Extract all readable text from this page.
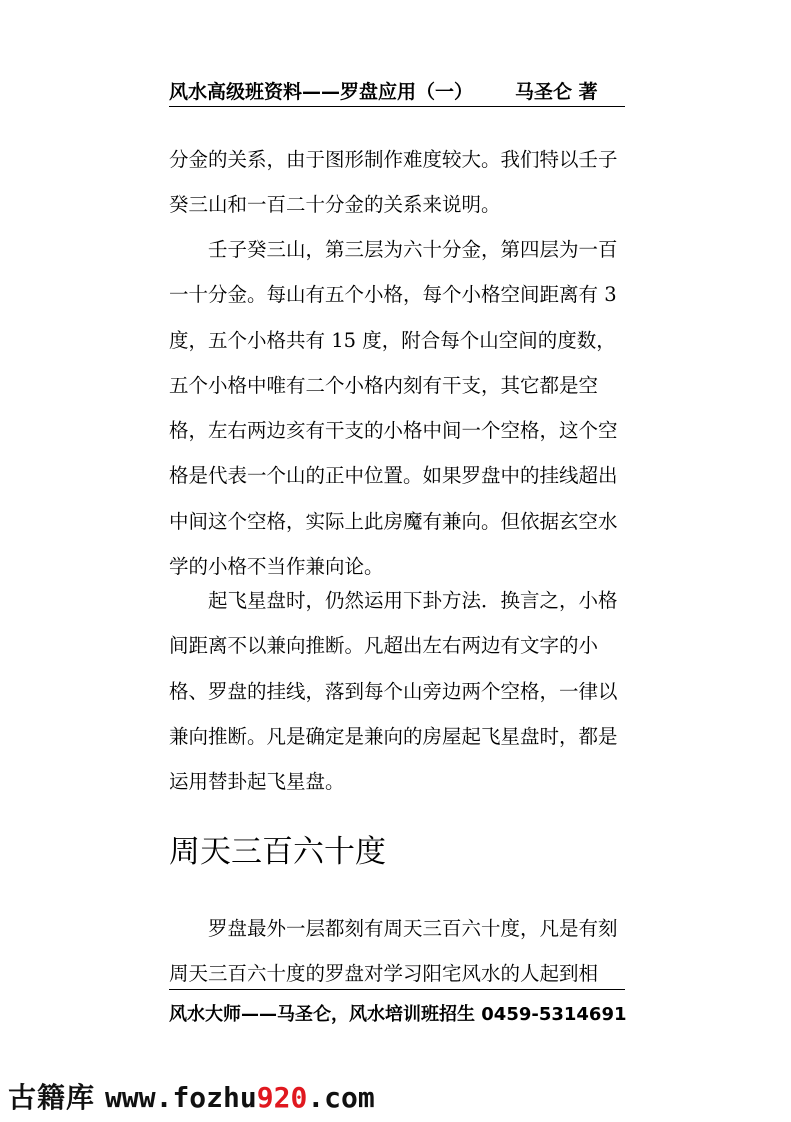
风水高级班资料——罗盘应用（一） 马圣仑 著
分金的关系，由于图形制作难度较大。我们特以壬子
癸三山和一百二十分金的关系来说明。
壬子癸三山，第三层为六十分金，第四层为一百
一十分金。每山有五个小格，每个小格空间距离有 3
度，五个小格共有 15 度，附合每个山空间的度数，
五个小格中唯有二个小格内刻有干支，其它都是空
格，左右两边亥有干支的小格中间一个空格，这个空
格是代表一个山的正中位置。如果罗盘中的挂线超出
中间这个空格，实际上此房魔有兼向。但依据玄空水
学的小格不当作兼向论。
起飞星盘时，仍然运用下卦方法．换言之，小格
间距离不以兼向推断。凡超出左右两边有文字的小
格、罗盘的挂线，落到每个山旁边两个空格，一律以
兼向推断。凡是确定是兼向的房屋起飞星盘时，都是
运用替卦起飞星盘。
周天三百六十度
罗盘最外一层都刻有周天三百六十度，凡是有刻
周天三百六十度的罗盘对学习阳宅风水的人起到相
风水大师——马圣仑，风水培训班招生 0459-5314691
古籍库 www.fozhu920.com
